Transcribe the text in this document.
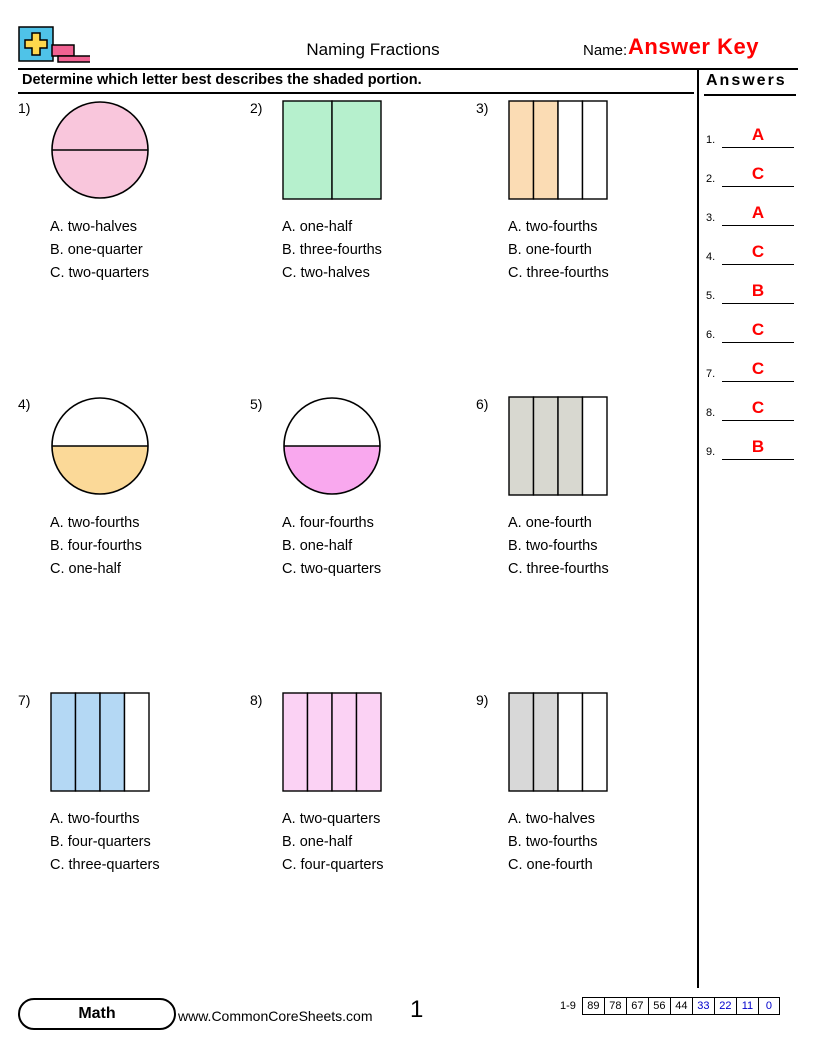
Naming Fractions	Name: Answer Key
Determine which letter best describes the shaded portion.	Answers
1.	A
2.	C
3.	A
4.	C
5.	B
6.	C
7.	C
8.	C
9.	B
1)
A. two-halves
B. one-quarter
C. two-quarters
2)
A. one-half
B. three-fourths
C. two-halves
3)
A. two-fourths
B. one-fourth
C. three-fourths
4)
A. two-fourths
B. four-fourths
C. one-half
5)
A. four-fourths
B. one-half
C. two-quarters
6)
A. one-fourth
B. two-fourths
C. three-fourths
7)
A. two-fourths
B. four-quarters
C. three-quarters
8)
A. two-quarters
B. one-half
C. four-quarters
9)
A. two-halves
B. two-fourths
C. one-fourth
Math	www.CommonCoreSheets.com 1	1-9	89 78 67 56 44 33 22 11	0
